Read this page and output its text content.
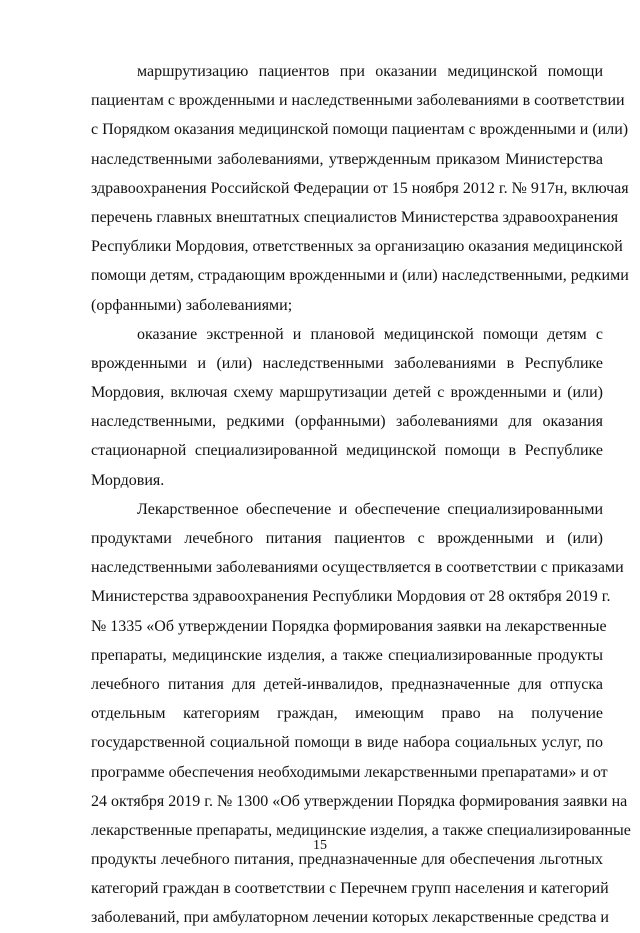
маршрутизацию пациентов при оказании медицинской помощи
пациентам с врожденными и наследственными заболеваниями в соответствии
с Порядком оказания медицинской помощи пациентам с врожденными и (или)
наследственными заболеваниями, утвержденным приказом Министерства
здравоохранения Российской Федерации от 15 ноября 2012 г. № 917н, включая
перечень главных внештатных специалистов Министерства здравоохранения
Республики Мордовия, ответственных за организацию оказания медицинской
помощи детям, страдающим врожденными и (или) наследственными, редкими
(орфанными) заболеваниями;
оказание экстренной и плановой медицинской помощи детям с
врожденными и (или) наследственными заболеваниями в Республике
Мордовия, включая схему маршрутизации детей с врожденными и (или)
наследственными, редкими (орфанными) заболеваниями для оказания
стационарной специализированной медицинской помощи в Республике
Мордовия.
Лекарственное обеспечение и обеспечение специализированными
продуктами лечебного питания пациентов с врожденными и (или)
наследственными заболеваниями осуществляется в соответствии с приказами
Министерства здравоохранения Республики Мордовия от 28 октября 2019 г.
№ 1335 «Об утверждении Порядка формирования заявки на лекарственные
препараты, медицинские изделия, а также специализированные продукты
лечебного питания для детей-инвалидов, предназначенные для отпуска
отдельным категориям граждан, имеющим право на получение
государственной социальной помощи в виде набора социальных услуг, по
программе обеспечения необходимыми лекарственными препаратами» и от
24 октября 2019 г. № 1300 «Об утверждении Порядка формирования заявки на
лекарственные препараты, медицинские изделия, а также специализированные
продукты лечебного питания, предназначенные для обеспечения льготных
категорий граждан в соответствии с Перечнем групп населения и категорий
заболеваний, при амбулаторном лечении которых лекарственные средства и
15
